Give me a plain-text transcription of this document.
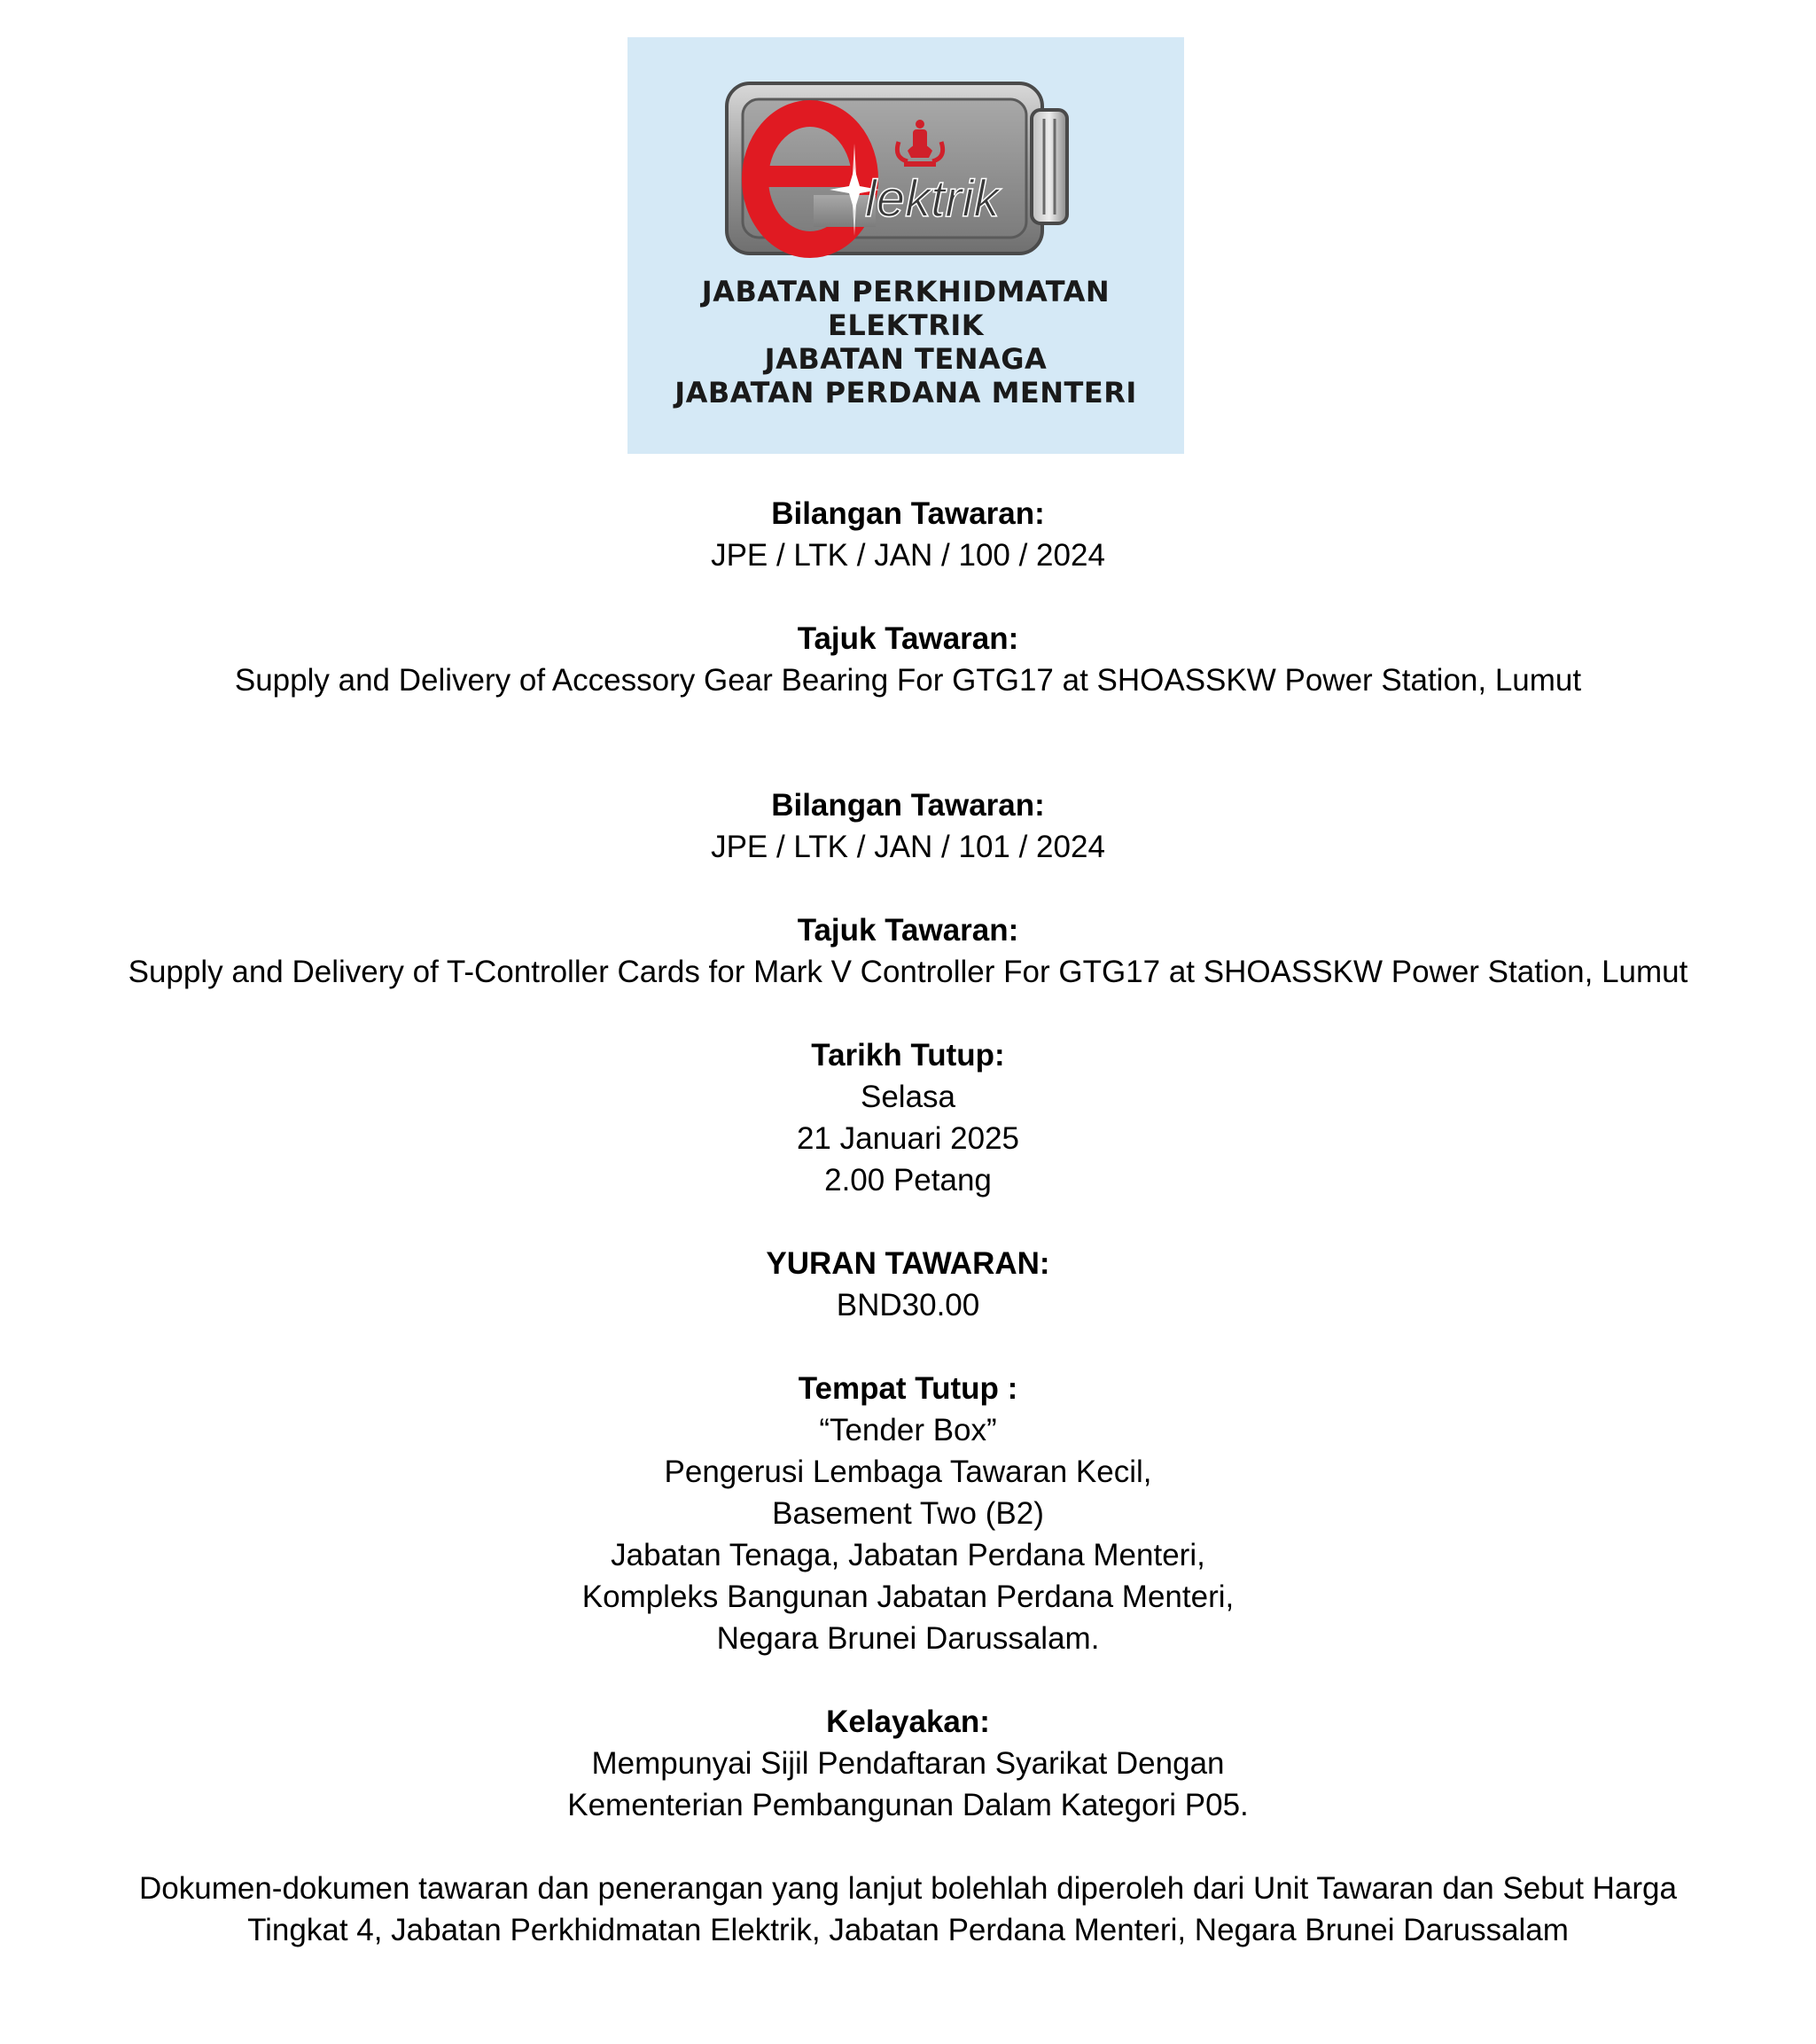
lektrik
JABATAN PERKHIDMATAN
ELEKTRIK
JABATAN TENAGA
JABATAN PERDANA MENTERI
Bilangan Tawaran:
JPE / LTK / JAN / 100 / 2024
Tajuk Tawaran:
Supply and Delivery of Accessory Gear Bearing For GTG17 at SHOASSKW Power Station, Lumut
Bilangan Tawaran:
JPE / LTK / JAN / 101 / 2024
Tajuk Tawaran:
Supply and Delivery of T-Controller Cards for Mark V Controller For GTG17 at SHOASSKW Power Station, Lumut
Tarikh Tutup:
Selasa
21 Januari 2025
2.00 Petang
YURAN TAWARAN:
BND30.00
Tempat Tutup :
“Tender Box”
Pengerusi Lembaga Tawaran Kecil,
Basement Two (B2)
Jabatan Tenaga, Jabatan Perdana Menteri,
Kompleks Bangunan Jabatan Perdana Menteri,
Negara Brunei Darussalam.
Kelayakan:
Mempunyai Sijil Pendaftaran Syarikat Dengan
Kementerian Pembangunan Dalam Kategori P05.
Dokumen-dokumen tawaran dan penerangan yang lanjut bolehlah diperoleh dari Unit Tawaran dan Sebut Harga
Tingkat 4, Jabatan Perkhidmatan Elektrik, Jabatan Perdana Menteri, Negara Brunei Darussalam
